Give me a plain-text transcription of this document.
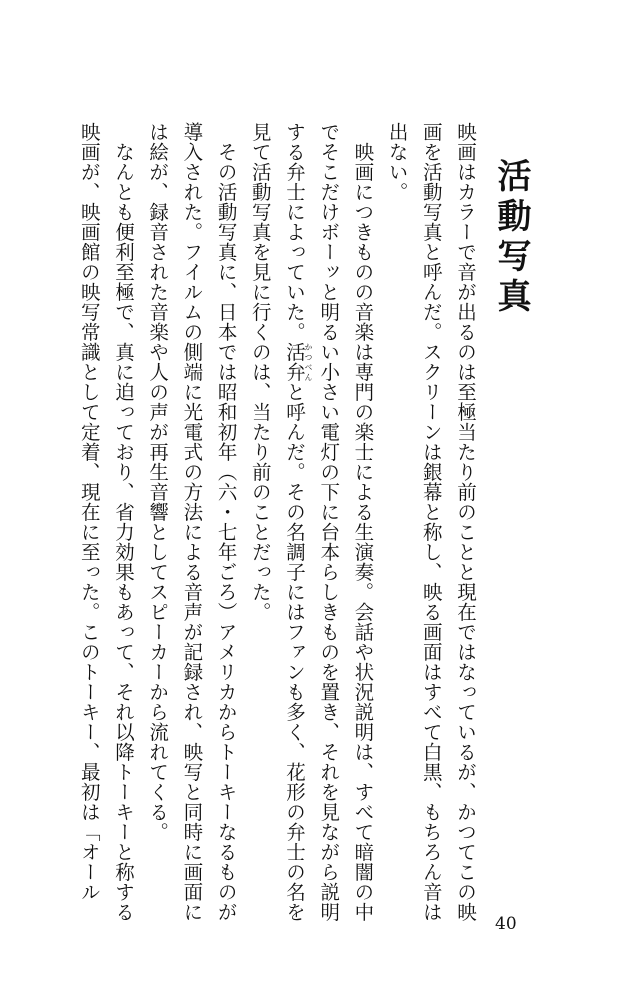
活動写真

映画はカラーで音が出るのは至極当たり前のことと現在ではなっているが、かつてこの映画を活動写真と呼んだ。スクリーンは銀幕と称し、映る画面はすべて白黒、もちろん音は出ない。

映画につきものの音楽は専門の楽士による生演奏。会話や状況説明は、すべて暗闇の中でそこだけボーッと明るい小さい電灯の下に台本らしきものを置き、それを見ながら説明する弁士によっていた。活弁かつべんと呼んだ。その名調子にはファンも多く、花形の弁士の名を見て活動写真を見に行くのは、当たり前のことだった。

その活動写真に、日本では昭和初年（六・七年ごろ）アメリカからトーキーなるものが導入された。フイルムの側端に光電式の方法による音声が記録され、映写と同時に画面には絵が、録音された音楽や人の声が再生音響としてスピーカーから流れてくる。

なんとも便利至極で、真に迫っており、省力効果もあって、それ以降トーキーと称する映画が、映画館の映写常識として定着、現在に至った。このトーキー、最初は「オール

40
